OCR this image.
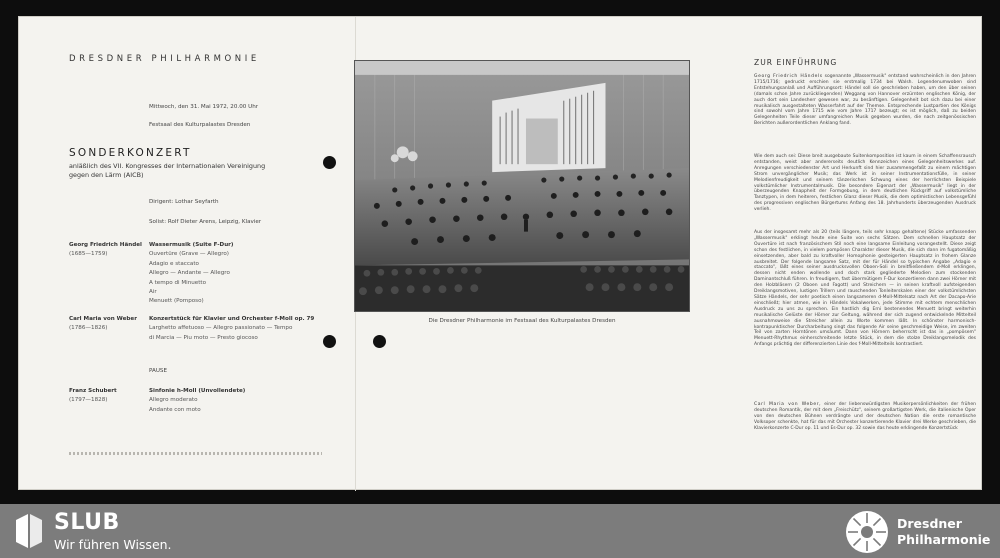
DRESDNER PHILHARMONIE
Mittwoch, den 31. Mai 1972, 20.00 Uhr
Festsaal des Kulturpalastes Dresden
SONDERKONZERT
anläßlich des VII. Kongresses der Internationalen Vereinigung
gegen den Lärm (AICB)
Dirigent: Lothar Seyfarth
Solist: Rolf Dieter Arens, Leipzig, Klavier
Georg Friedrich Händel
(1685—1759)
Wassermusik (Suite F-Dur)
Ouvertüre (Grave — Allegro)
Adagio e staccato
Allegro — Andante — Allegro
A tempo di Minuetto
Air
Menuett (Pomposo)
Carl Maria von Weber
(1786—1826)
Konzertstück für Klavier und Orchester f-Moll op. 79
Larghetto affetuoso — Allegro passionato — Tempo
di Marcia — Piu moto — Presto giocoso
PAUSE
Franz Schubert
(1797—1828)
Sinfonie h-Moll (Unvollendete)
Allegro moderato
Andante con moto
Die Dresdner Philharmonie im Festsaal des Kulturpalastes Dresden
ZUR EINFÜHRUNG
Georg Friedrich Händels sogenannte „Wassermusik" entstand wahrscheinlich in den Jahren 1715/1716; gedruckt erschien sie erstmalig 1734 bei Walsh. Legendenumwoben sind Entstehungsanlaß und Aufführungsort: Händel soll sie geschrieben haben, um den über seinen (damals schon Jahre zurückliegenden) Weggang von Hannover erzürnten englischen König, der auch dort sein Landesherr gewesen war, zu besänftigen. Gelegenheit bot sich dazu bei einer musikalisch ausgestalteten Wasserfahrt auf der Themse. Entsprechende Lustpartien des Königs sind sowohl vom Jahre 1715 wie vom Jahre 1717 bezeugt; es ist möglich, daß zu beiden Gelegenheiten Teile dieser umfangreichen Musik gegeben wurden, die nach zeitgenössischen Berichten außerordentlichen Anklang fand.
Wie dem auch sei: Diese breit ausgebaute Suitenkomposition ist kaum in einem Schaffensrausch entstanden, weist aber andererseits deutlich Kennzeichen eines Gelegenheitswerkes auf. Anregungen verschiedenster Art und Herkunft sind hier zusammengefaßt zu einem mächtigen Strom unvergänglicher Musik; das Werk ist in seiner Instrumentationsfülle, in seiner Melodienfreudigkeit und seinem tänzerischen Schwung eines der herrlichsten Beispiele volkstümlicher Instrumentalmusik. Die besondere Eigenart der „Wassermusik" liegt in der überzeugenden Knappheit der Formgebung, in dem deutlichen Rückgriff auf volkstümliche Tanztypen, in dem heiteren, festlichen Glanz dieser Musik, die dem optimistischen Lebensgefühl des progressiven englischen Bürgertums Anfang des 18. Jahrhunderts überzeugenden Ausdruck verlieh.
Aus der insgesamt mehr als 20 (teils längere, teils sehr knapp gehaltene) Stücke umfassenden „Wassermusik" erklingt heute eine Suite von sechs Sätzen. Dem schnellen Hauptsatz der Ouvertüre ist nach französischem Stil noch eine langsame Einleitung vorangestellt. Diese zeigt schon des festlichen, in vielem pompösen Charakter dieser Musik, die sich dann im fugatomäßig einsetzenden, aber bald zu kraftvoller Homophonie gesteigerten Hauptsatz in frohem Glanze ausbreitet. Der folgende langsame Satz, mit der für Händel so typischen Angabe „Adagio e staccato", läßt eines seiner ausdrucksvollen Oboen-Soli in breitfließendem d-Moll erklingen, dessen nicht enden wollende und doch stark gegliederte Melodien zum stockenden Daminantschluß führen. In freudigem, fast übermütigem F-Dur konzertieren dann zwei Hörner mit den Holzbläsern (2 Oboen und Fagott) und Streichern — in seinen kraftvoll aufsteigenden Dreiklangsmotiven, lustigen Trillern und rauschenden Tonleiterskalen einer der volkstümlichsten Sätze Händels, der sehr poetisch einen langsameren d-Moll-Mittelsatz nach Art der Dacapo-Arie einschließt; hier atmen, wie in Händels Vokalwerken, jede Stimme mit echtem menschlichen Ausdruck zu uns zu sprechen. Ein hastlich dig Erni bestenendes Menuett bringt weiterhin musikalische Gelüste der Hörner zur Geltung, während der sich zugend entwickelnde Mittelteil ausnahmsweise die Streicher allein zu Worte kommen läßt. In schönster harmonisch-kontrapunktischer Durcharbeitung singt das folgende Air seine geschmeidige Weise, im zweiten Teil von zarten Horntönen umsäumt. Dann von Hörnern beherrscht ist das in „pompösem" Menuett-Rhythmus einherschreitende letzte Stück, in dem die stolze Dreiklangsmelodik des Anfangs prächtig der differenzierten Linie des f-Moll-Mittelteils kontrastiert.
Carl Maria von Weber, einer der liebenswürdigsten Musikerpersönlichkeiten der frühen deutschen Romantik, der mit dem „Freischütz", seinem großartigsten Werk, die italienische Oper von den deutschen Bühnen verdrängte und der deutschen Nation die erste romantische Volksoper schenkte, hat für das mit Orchester konzertierende Klavier drei Werke geschrieben, die Klavierkonzerte C-Dur op. 11 und Es-Dur op. 32 sowie das heute erklingende Konzertstück
SLUB
Wir führen Wissen.
Dresdner
Philharmonie
